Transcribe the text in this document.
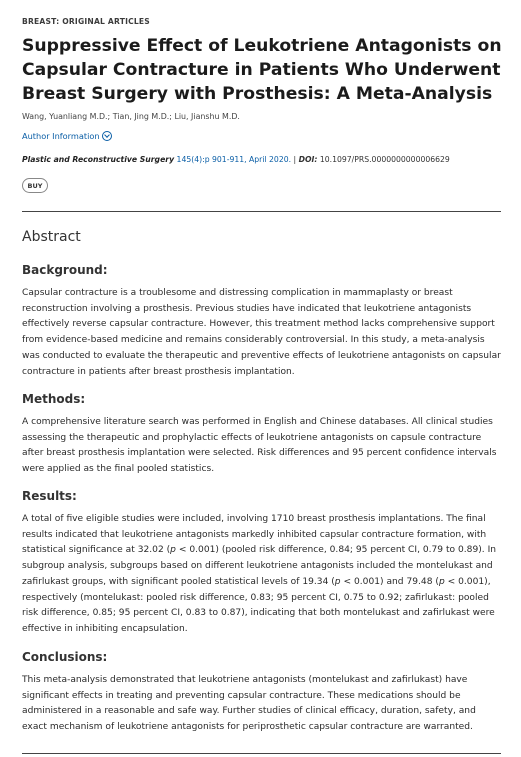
BREAST: ORIGINAL ARTICLES
Suppressive Effect of Leukotriene Antagonists on Capsular Contracture in Patients Who Underwent Breast Surgery with Prosthesis: A Meta-Analysis
Wang, Yuanliang M.D.; Tian, Jing M.D.; Liu, Jianshu M.D.
Author Information
Plastic and Reconstructive Surgery 145(4):p 901-911, April 2020. | DOI: 10.1097/PRS.0000000000006629
BUY
Abstract
Background:
Capsular contracture is a troublesome and distressing complication in mammaplasty or breast reconstruction involving a prosthesis. Previous studies have indicated that leukotriene antagonists effectively reverse capsular contracture. However, this treatment method lacks comprehensive support from evidence-based medicine and remains considerably controversial. In this study, a meta-analysis was conducted to evaluate the therapeutic and preventive effects of leukotriene antagonists on capsular contracture in patients after breast prosthesis implantation.
Methods:
A comprehensive literature search was performed in English and Chinese databases. All clinical studies assessing the therapeutic and prophylactic effects of leukotriene antagonists on capsule contracture after breast prosthesis implantation were selected. Risk differences and 95 percent confidence intervals were applied as the final pooled statistics.
Results:
A total of five eligible studies were included, involving 1710 breast prosthesis implantations. The final results indicated that leukotriene antagonists markedly inhibited capsular contracture formation, with statistical significance at 32.02 (p < 0.001) (pooled risk difference, 0.84; 95 percent CI, 0.79 to 0.89). In subgroup analysis, subgroups based on different leukotriene antagonists included the montelukast and zafirlukast groups, with significant pooled statistical levels of 19.34 (p < 0.001) and 79.48 (p < 0.001), respectively (montelukast: pooled risk difference, 0.83; 95 percent CI, 0.75 to 0.92; zafirlukast: pooled risk difference, 0.85; 95 percent CI, 0.83 to 0.87), indicating that both montelukast and zafirlukast were effective in inhibiting encapsulation.
Conclusions:
This meta-analysis demonstrated that leukotriene antagonists (montelukast and zafirlukast) have significant effects in treating and preventing capsular contracture. These medications should be administered in a reasonable and safe way. Further studies of clinical efficacy, duration, safety, and exact mechanism of leukotriene antagonists for periprosthetic capsular contracture are warranted.
